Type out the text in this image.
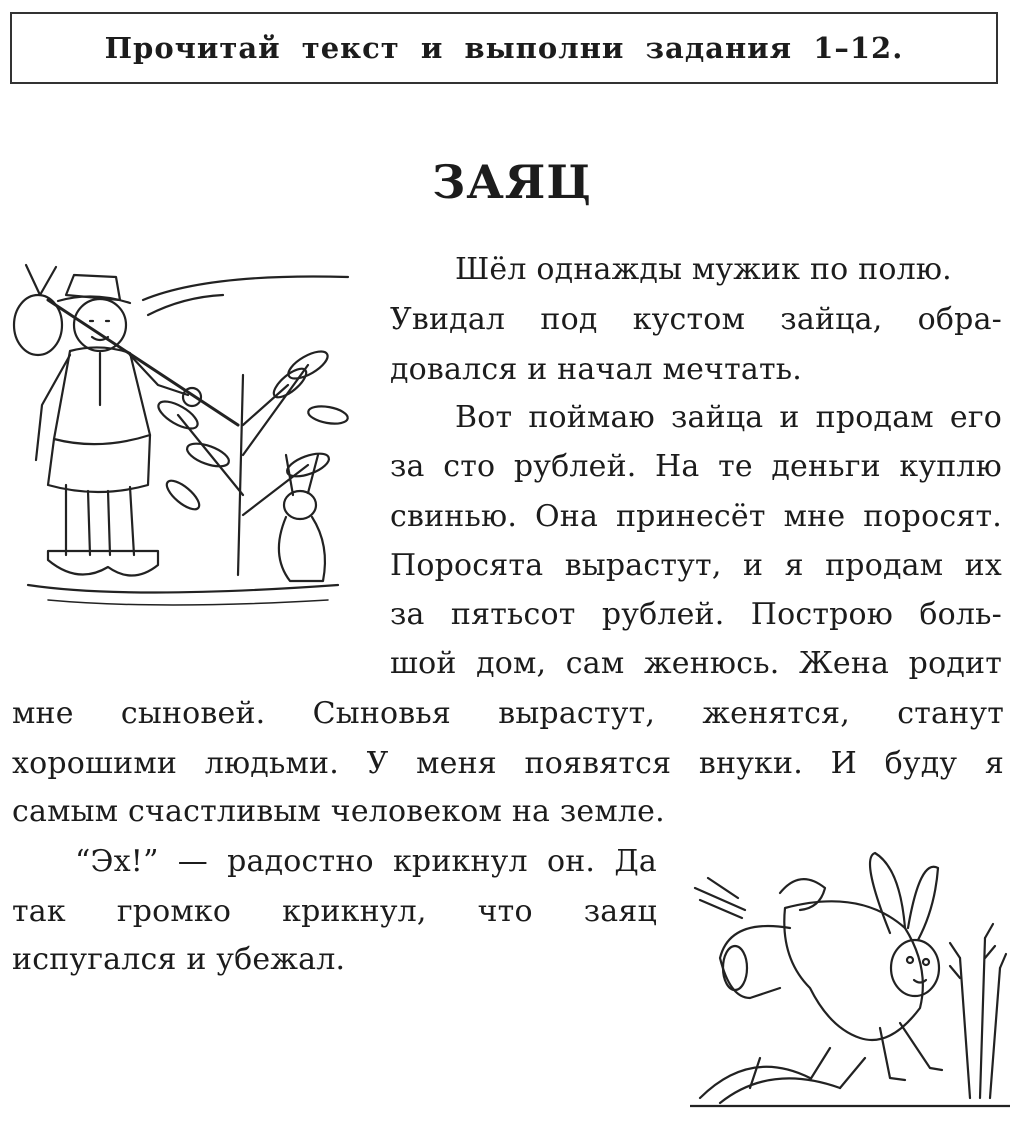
Прочитай текст и выполни задания 1–12.
ЗАЯЦ
Шёл однажды мужик по полю.
Увидал под кустом зайца, обра-
довался и начал мечтать.
Вот поймаю зайца и продам его
за сто рублей. На те деньги куплю
свинью. Она принесёт мне поросят.
Поросята вырастут, и я продам их
за пятьсот рублей. Построю боль-
шой дом, сам женюсь. Жена родит
мне сыновей. Сыновья вырастут, женятся, станут
хорошими людьми. У меня появятся внуки. И буду я
самым счастливым человеком на земле.
“Эх!” — радостно крикнул он. Да
так громко крикнул, что заяц
испугался и убежал.
